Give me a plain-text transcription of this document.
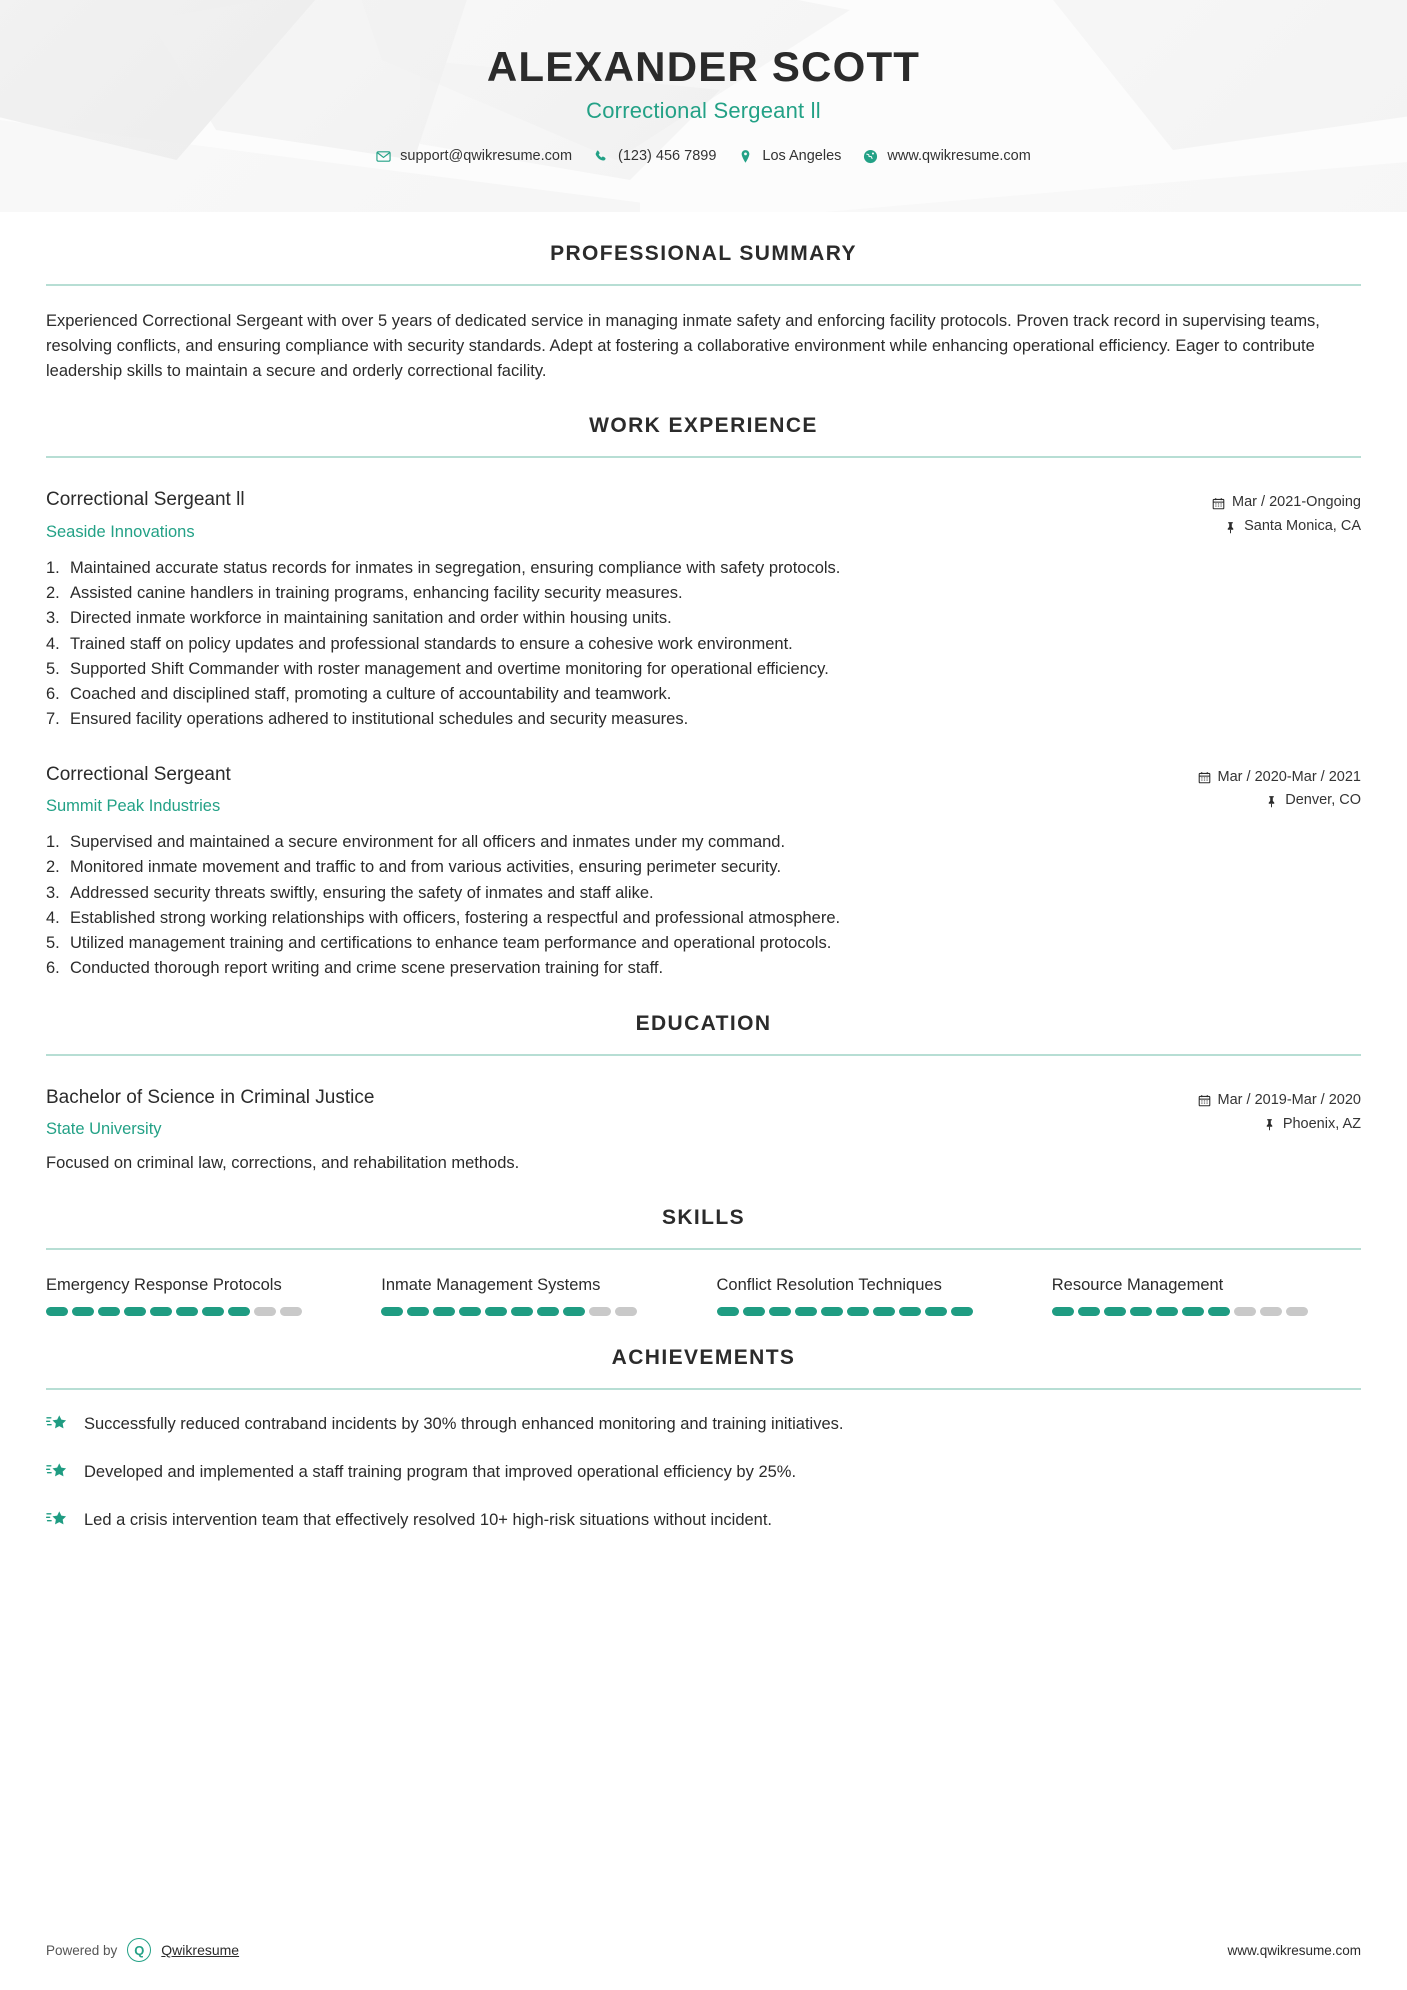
ALEXANDER SCOTT
Correctional Sergeant ll
support@qwikresume.com	(123) 456 7899	Los Angeles	www.qwikresume.com
PROFESSIONAL SUMMARY
Experienced Correctional Sergeant with over 5 years of dedicated service in managing inmate safety and enforcing facility protocols. Proven track record in supervising teams, resolving conflicts, and ensuring compliance with security standards. Adept at fostering a collaborative environment while enhancing operational efficiency. Eager to contribute leadership skills to maintain a secure and orderly correctional facility.
WORK EXPERIENCE
Correctional Sergeant ll
Seaside Innovations
Mar / 2021-Ongoing
Santa Monica, CA
1. Maintained accurate status records for inmates in segregation, ensuring compliance with safety protocols.
2. Assisted canine handlers in training programs, enhancing facility security measures.
3. Directed inmate workforce in maintaining sanitation and order within housing units.
4. Trained staff on policy updates and professional standards to ensure a cohesive work environment.
5. Supported Shift Commander with roster management and overtime monitoring for operational efficiency.
6. Coached and disciplined staff, promoting a culture of accountability and teamwork.
7. Ensured facility operations adhered to institutional schedules and security measures.
Correctional Sergeant
Summit Peak Industries
Mar / 2020-Mar / 2021
Denver, CO
1. Supervised and maintained a secure environment for all officers and inmates under my command.
2. Monitored inmate movement and traffic to and from various activities, ensuring perimeter security.
3. Addressed security threats swiftly, ensuring the safety of inmates and staff alike.
4. Established strong working relationships with officers, fostering a respectful and professional atmosphere.
5. Utilized management training and certifications to enhance team performance and operational protocols.
6. Conducted thorough report writing and crime scene preservation training for staff.
EDUCATION
Bachelor of Science in Criminal Justice
State University
Mar / 2019-Mar / 2020
Phoenix, AZ
Focused on criminal law, corrections, and rehabilitation methods.
SKILLS
Emergency Response Protocols	Inmate Management Systems	Conflict Resolution Techniques	Resource Management
ACHIEVEMENTS
Successfully reduced contraband incidents by 30% through enhanced monitoring and training initiatives.
Developed and implemented a staff training program that improved operational efficiency by 25%.
Led a crisis intervention team that effectively resolved 10+ high-risk situations without incident.
Powered by	Q	Qwikresume	www.qwikresume.com
